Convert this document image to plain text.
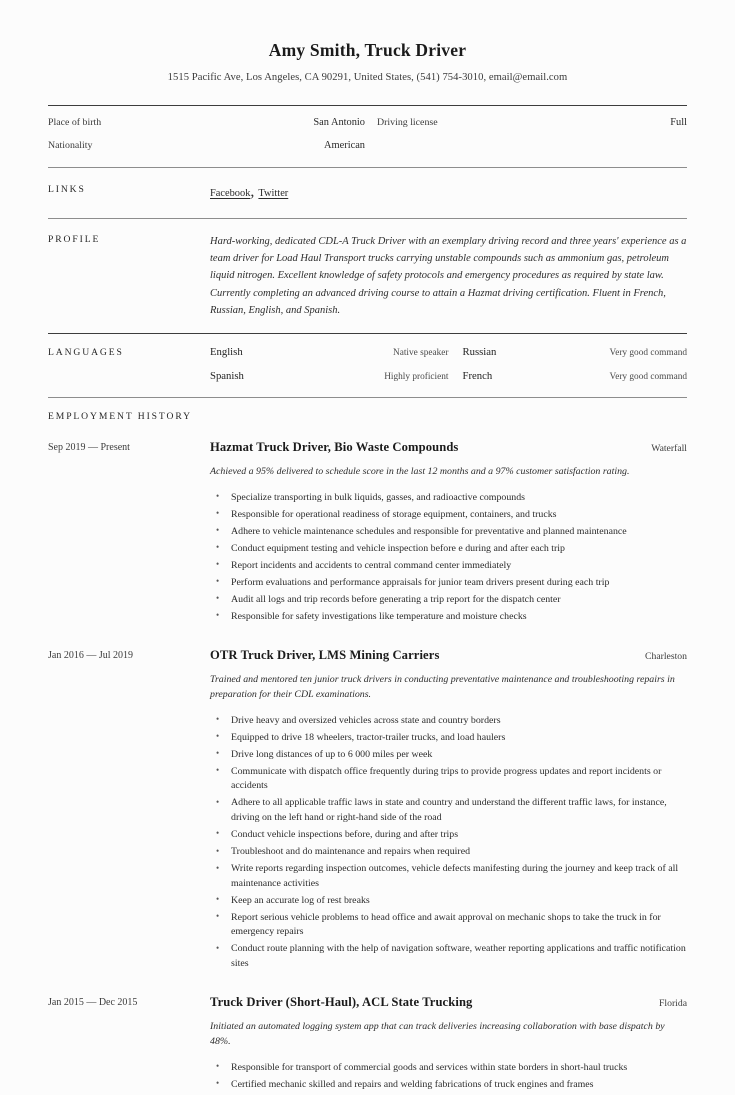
Amy Smith, Truck Driver
1515 Pacific Ave, Los Angeles, CA 90291, United States, (541) 754-3010, email@email.com
Place of birth	San Antonio Driving license	Full
Nationality	American
LINKS	Facebook, Twitter
PROFILE	Hard-working, dedicated CDL-A Truck Driver with an exemplary driving record and three years' experience as a team driver for Load Haul Transport trucks carrying unstable compounds such as ammonium gas, petroleum liquid nitrogen. Excellent knowledge of safety protocols and emergency procedures as required by state law. Currently completing an advanced driving course to attain a Hazmat driving certification. Fluent in French, Russian, English, and Spanish.
LANGUAGES	English	Native speaker Russian	Very good command
Spanish	Highly proficient French	Very good command
EMPLOYMENT HISTORY
Sep 2019 — Present	Hazmat Truck Driver, Bio Waste Compounds	Waterfall
Achieved a 95% delivered to schedule score in the last 12 months and a 97% customer satisfaction rating.
• Specialize transporting in bulk liquids, gasses, and radioactive compounds
• Responsible for operational readiness of storage equipment, containers, and trucks
• Adhere to vehicle maintenance schedules and responsible for preventative and planned maintenance
• Conduct equipment testing and vehicle inspection before e during and after each trip
• Report incidents and accidents to central command center immediately
• Perform evaluations and performance appraisals for junior team drivers present during each trip
• Audit all logs and trip records before generating a trip report for the dispatch center
• Responsible for safety investigations like temperature and moisture checks
Jan 2016 — Jul 2019	OTR Truck Driver, LMS Mining Carriers	Charleston
Trained and mentored ten junior truck drivers in conducting preventative maintenance and troubleshooting repairs in preparation for their CDL examinations.
• Drive heavy and oversized vehicles across state and country borders
• Equipped to drive 18 wheelers, tractor-trailer trucks, and load haulers
• Drive long distances of up to 6 000 miles per week
• Communicate with dispatch office frequently during trips to provide progress updates and report incidents or accidents
• Adhere to all applicable traffic laws in state and country and understand the different traffic laws, for instance, driving on the left hand or right-hand side of the road
• Conduct vehicle inspections before, during and after trips
• Troubleshoot and do maintenance and repairs when required
• Write reports regarding inspection outcomes, vehicle defects manifesting during the journey and keep track of all maintenance activities
• Keep an accurate log of rest breaks
• Report serious vehicle problems to head office and await approval on mechanic shops to take the truck in for emergency repairs
• Conduct route planning with the help of navigation software, weather reporting applications and traffic notification sites
Jan 2015 — Dec 2015	Truck Driver (Short-Haul), ACL State Trucking	Florida
Initiated an automated logging system app that can track deliveries increasing collaboration with base dispatch by 48%.
• Responsible for transport of commercial goods and services within state borders in short-haul trucks
• Certified mechanic skilled and repairs and welding fabrications of truck engines and frames
